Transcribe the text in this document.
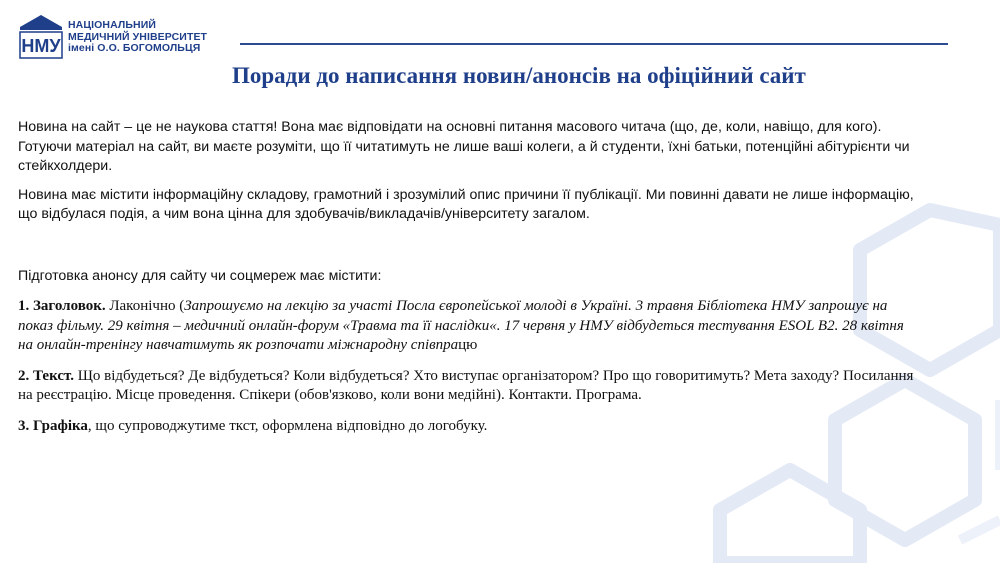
НМУ
НАЦІОНАЛЬНИЙ
МЕДИЧНИЙ УНІВЕРСИТЕТ
імені О.О. БОГОМОЛЬЦЯ
Поради до написання новин/анонсів на офіційний сайт

Новина на сайт – це не наукова стаття! Вона має відповідати на основні питання масового читача (що, де, коли, навіщо, для кого). Готуючи матеріал на сайт, ви маєте розуміти, що її читатимуть не лише ваші колеги, а й студенти, їхні батьки, потенційні абітурієнти чи стейкхолдери.

Новина має містити інформаційну складову, грамотний і зрозумілий опис причини її публікації. Ми повинні давати не лише інформацію, що відбулася подія, а чим вона цінна для здобувачів/викладачів/університету загалом.

Підготовка анонсу для сайту чи соцмереж має містити:

1. Заголовок. Лаконічно (Запрошуємо на лекцію за участі Посла європейської молоді в Україні. 3 травня Бібліотека НМУ запрошує на показ фільму. 29 квітня – медичний онлайн-форум «Травма та її наслідки«. 17 червня у НМУ відбудеться тестування ESOL B2. 28 квітня на онлайн-тренінгу навчатимуть як розпочати міжнародну співпрацю

2. Текст. Що відбудеться? Де відбудеться? Коли відбудеться? Хто виступає організатором? Про що говоритимуть? Мета заходу? Посилання на реєстрацію. Місце проведення. Спікери (обов'язково, коли вони медійні). Контакти. Програма.

3. Графіка, що супроводжутиме ткст, оформлена відповідно до логобуку.
